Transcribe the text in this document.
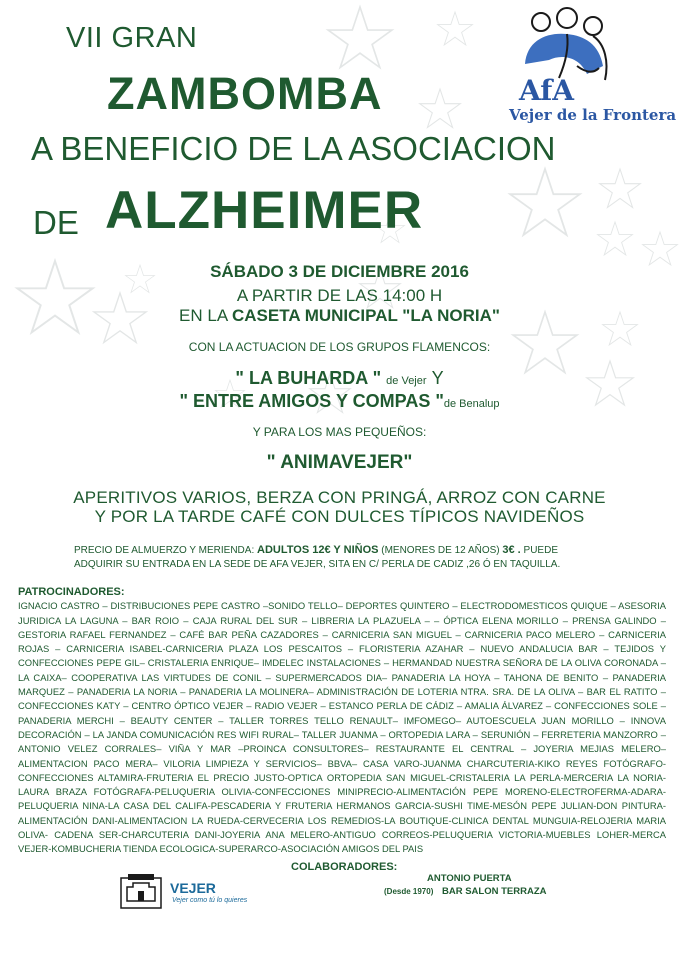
VII GRAN
ZAMBOMBA
A BENEFICIO DE LA ASOCIACION
DE ALZHEIMER
AfA
Vejer de la Frontera
SÁBADO 3 DE DICIEMBRE 2016
A PARTIR DE LAS 14:00 H
EN LA CASETA MUNICIPAL "LA NORIA"
CON LA ACTUACION DE LOS GRUPOS FLAMENCOS:
" LA BUHARDA " de Vejer Y
" ENTRE AMIGOS Y COMPAS "de Benalup
Y PARA LOS MAS PEQUEÑOS:
" ANIMAVEJER"
APERITIVOS VARIOS, BERZA CON PRINGÁ, ARROZ CON CARNE
Y POR LA TARDE CAFÉ CON DULCES TÍPICOS NAVIDEÑOS
PRECIO DE ALMUERZO Y MERIENDA: ADULTOS 12€ Y NIÑOS (MENORES DE 12 AÑOS) 3€ . PUEDE
ADQUIRIR SU ENTRADA EN LA SEDE DE AFA VEJER, SITA EN C/ PERLA DE CADIZ ,26 Ó EN TAQUILLA.
PATROCINADORES:
IGNACIO CASTRO – DISTRIBUCIONES PEPE CASTRO –SONIDO TELLO– DEPORTES QUINTERO – ELECTRODOMESTICOS QUIQUE – ASESORIA JURIDICA LA LAGUNA – BAR ROIO – CAJA RURAL DEL SUR – LIBRERIA LA PLAZUELA – – ÓPTICA ELENA MORILLO – PRENSA GALINDO – GESTORIA RAFAEL FERNANDEZ – CAFÉ BAR PEÑA CAZADORES – CARNICERIA SAN MIGUEL – CARNICERIA PACO MELERO – CARNICERIA ROJAS – CARNICERIA ISABEL-CARNICERIA PLAZA LOS PESCAITOS – FLORISTERIA AZAHAR – NUEVO ANDALUCIA BAR – TEJIDOS Y CONFECCIONES PEPE GIL– CRISTALERIA ENRIQUE– IMDELEC INSTALACIONES – HERMANDAD NUESTRA SEÑORA DE LA OLIVA CORONADA – LA CAIXA– COOPERATIVA LAS VIRTUDES DE CONIL – SUPERMERCADOS DIA– PANADERIA LA HOYA – TAHONA DE BENITO – PANADERIA MARQUEZ – PANADERIA LA NORIA – PANADERIA LA MOLINERA– ADMINISTRACIÓN DE LOTERIA NTRA. SRA. DE LA OLIVA – BAR EL RATITO – CONFECCIONES KATY – CENTRO ÓPTICO VEJER – RADIO VEJER – ESTANCO PERLA DE CÁDIZ – AMALIA ÁLVAREZ – CONFECCIONES SOLE – PANADERIA MERCHI – BEAUTY CENTER – TALLER TORRES TELLO RENAULT– IMFOMEGO– AUTOESCUELA JUAN MORILLO – INNOVA DECORACIÓN – LA JANDA COMUNICACIÓN RES WIFI RURAL– TALLER JUANMA – ORTOPEDIA LARA – SERUNIÓN – FERRETERIA MANZORRO –ANTONIO VELEZ CORRALES– VIÑA Y MAR –PROINCA CONSULTORES– RESTAURANTE EL CENTRAL – JOYERIA MEJIAS MELERO– ALIMENTACION PACO MERA– VILORIA LIMPIEZA Y SERVICIOS– BBVA– CASA VARO-JUANMA CHARCUTERIA-KIKO REYES FOTÓGRAFO-CONFECCIONES ALTAMIRA-FRUTERIA EL PRECIO JUSTO-OPTICA ORTOPEDIA SAN MIGUEL-CRISTALERIA LA PERLA-MERCERIA LA NORIA-LAURA BRAZA FOTÓGRAFA-PELUQUERIA OLIVIA-CONFECCIONES MINIPRECIO-ALIMENTACIÓN PEPE MORENO-ELECTROFERMA-ADARA-PELUQUERIA NINA-LA CASA DEL CALIFA-PESCADERIA Y FRUTERIA HERMANOS GARCIA-SUSHI TIME-MESÓN PEPE JULIAN-DON PINTURA-ALIMENTACIÓN DANI-ALIMENTACION LA RUEDA-CERVECERIA LOS REMEDIOS-LA BOUTIQUE-CLINICA DENTAL MUNGUIA-RELOJERIA MARIA OLIVA- CADENA SER-CHARCUTERIA DANI-JOYERIA ANA MELERO-ANTIGUO CORREOS-PELUQUERIA VICTORIA-MUEBLES LOHER-MERCA VEJER-KOMBUCHERIA TIENDA ECOLOGICA-SUPERARCO-ASOCIACIÓN AMIGOS DEL PAIS
COLABORADORES:
ANTONIO PUERTA
(Desde 1970) BAR SALON TERRAZA
VEJER
Vejer como tú lo quieres
